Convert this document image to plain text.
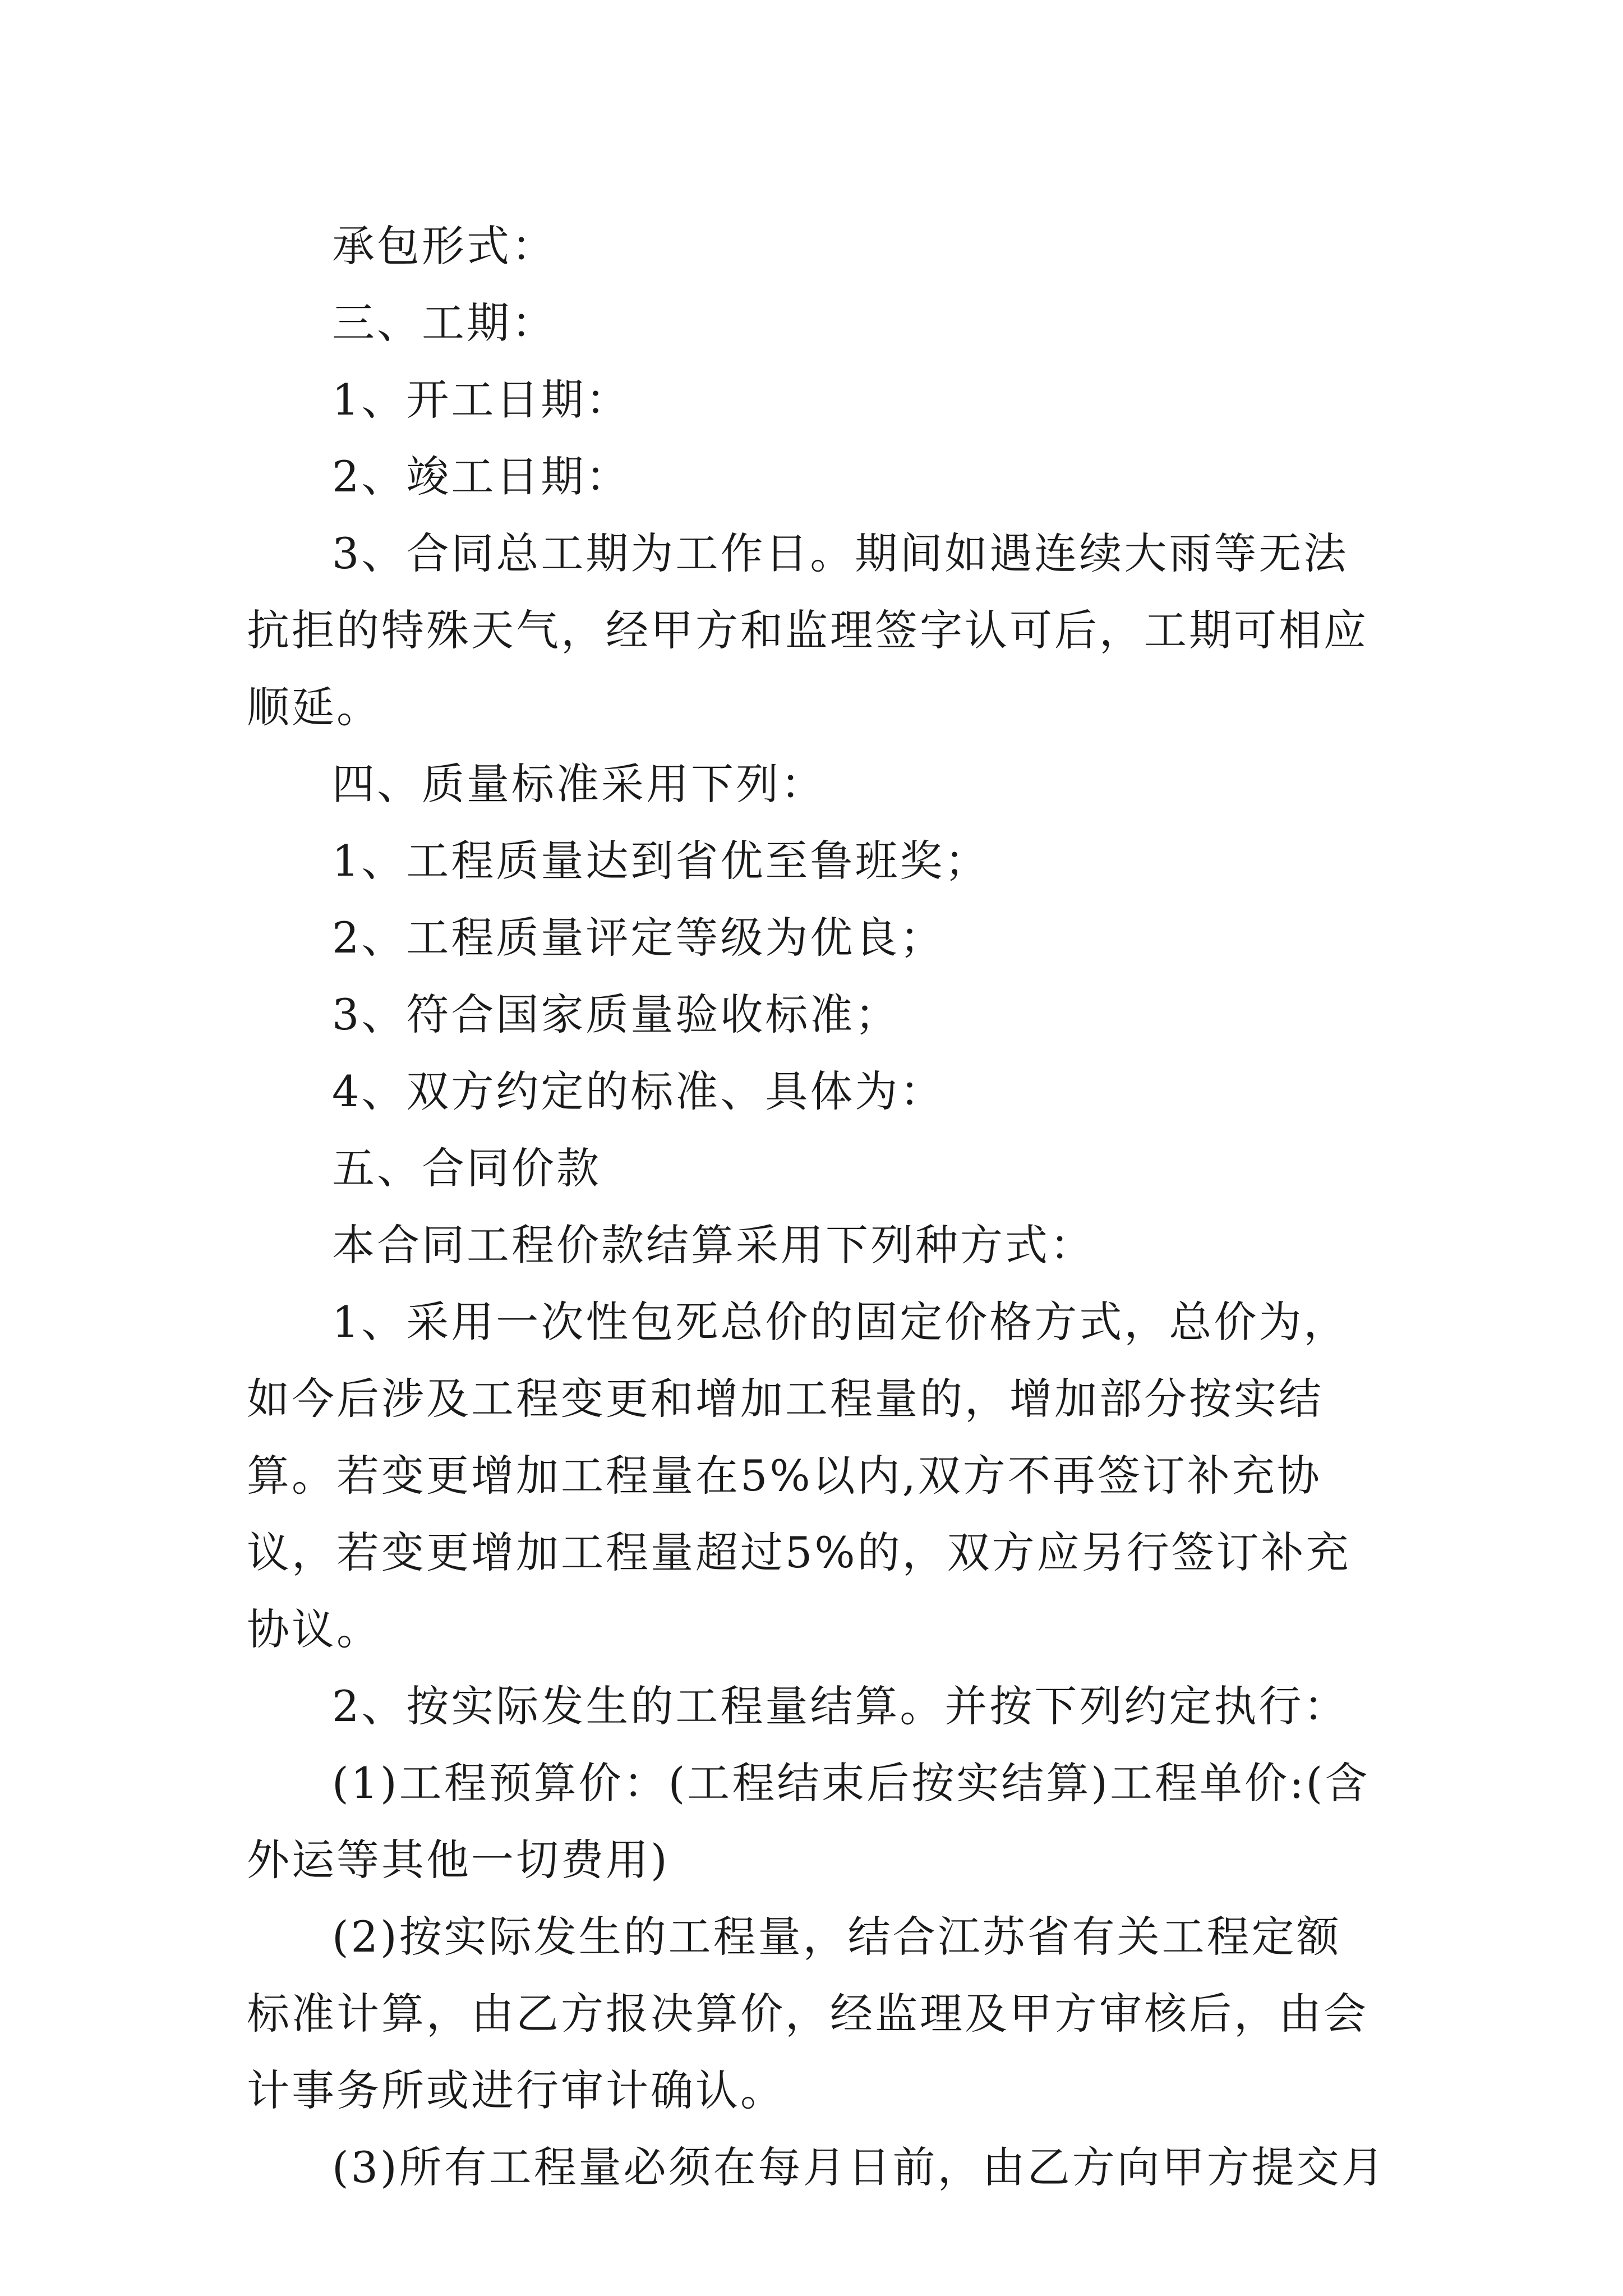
承包形式：

三、工期：

1、开工日期：

2、竣工日期：

3、合同总工期为工作日。期间如遇连续大雨等无法抗拒的特殊天气，经甲方和监理签字认可后，工期可相应顺延。

四、质量标准采用下列：

1、工程质量达到省优至鲁班奖；

2、工程质量评定等级为优良；

3、符合国家质量验收标准；

4、双方约定的标准、具体为：

五、合同价款

本合同工程价款结算采用下列种方式：

1、采用一次性包死总价的固定价格方式，总价为，如今后涉及工程变更和增加工程量的，增加部分按实结算。若变更增加工程量在5%以内,双方不再签订补充协议，若变更增加工程量超过5%的，双方应另行签订补充协议。

2、按实际发生的工程量结算。并按下列约定执行：

(1)工程预算价：(工程结束后按实结算)工程单价:(含外运等其他一切费用)

(2)按实际发生的工程量，结合江苏省有关工程定额标准计算，由乙方报决算价，经监理及甲方审核后，由会计事务所或进行审计确认。

(3)所有工程量必须在每月日前，由乙方向甲方提交月
